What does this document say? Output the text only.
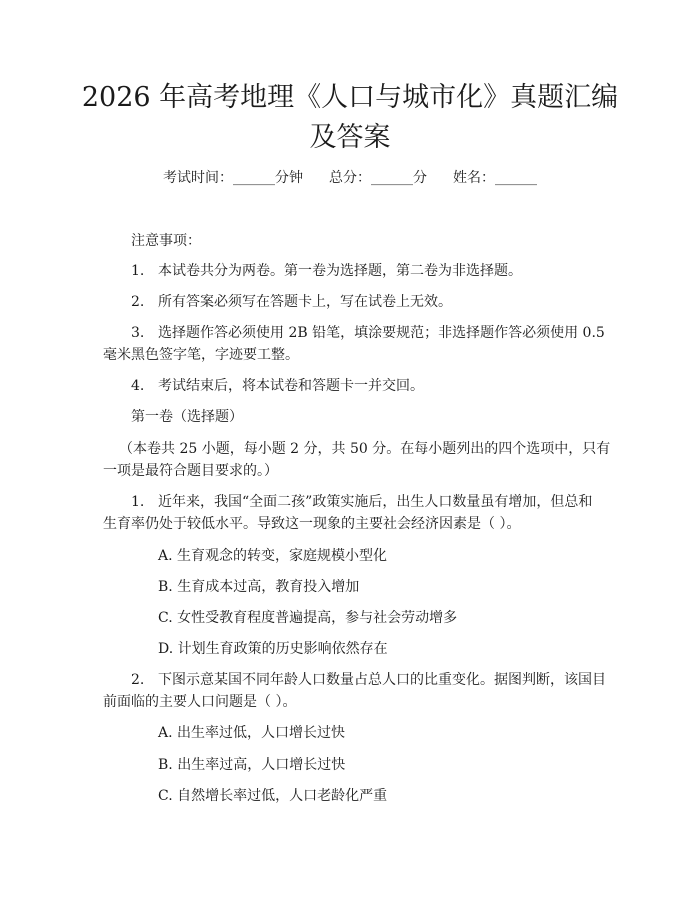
2026 年高考地理《人口与城市化》真题汇编
及答案
考试时间：______分钟 总分：______分 姓名：______
注意事项：
1. 本试卷共分为两卷。第一卷为选择题，第二卷为非选择题。
2. 所有答案必须写在答题卡上，写在试卷上无效。
3. 选择题作答必须使用 2B 铅笔，填涂要规范；非选择题作答必须使用 0.5
毫米黑色签字笔，字迹要工整。
4. 考试结束后，将本试卷和答题卡一并交回。
第一卷（选择题）
（本卷共 25 小题，每小题 2 分，共 50 分。在每小题列出的四个选项中，只有
一项是最符合题目要求的。）
1. 近年来，我国“全面二孩”政策实施后，出生人口数量虽有增加，但总和
生育率仍处于较低水平。导致这一现象的主要社会经济因素是（ ）。
A. 生育观念的转变，家庭规模小型化
B. 生育成本过高，教育投入增加
C. 女性受教育程度普遍提高，参与社会劳动增多
D. 计划生育政策的历史影响依然存在
2. 下图示意某国不同年龄人口数量占总人口的比重变化。据图判断，该国目
前面临的主要人口问题是（ ）。
A. 出生率过低，人口增长过快
B. 出生率过高，人口增长过快
C. 自然增长率过低，人口老龄化严重
